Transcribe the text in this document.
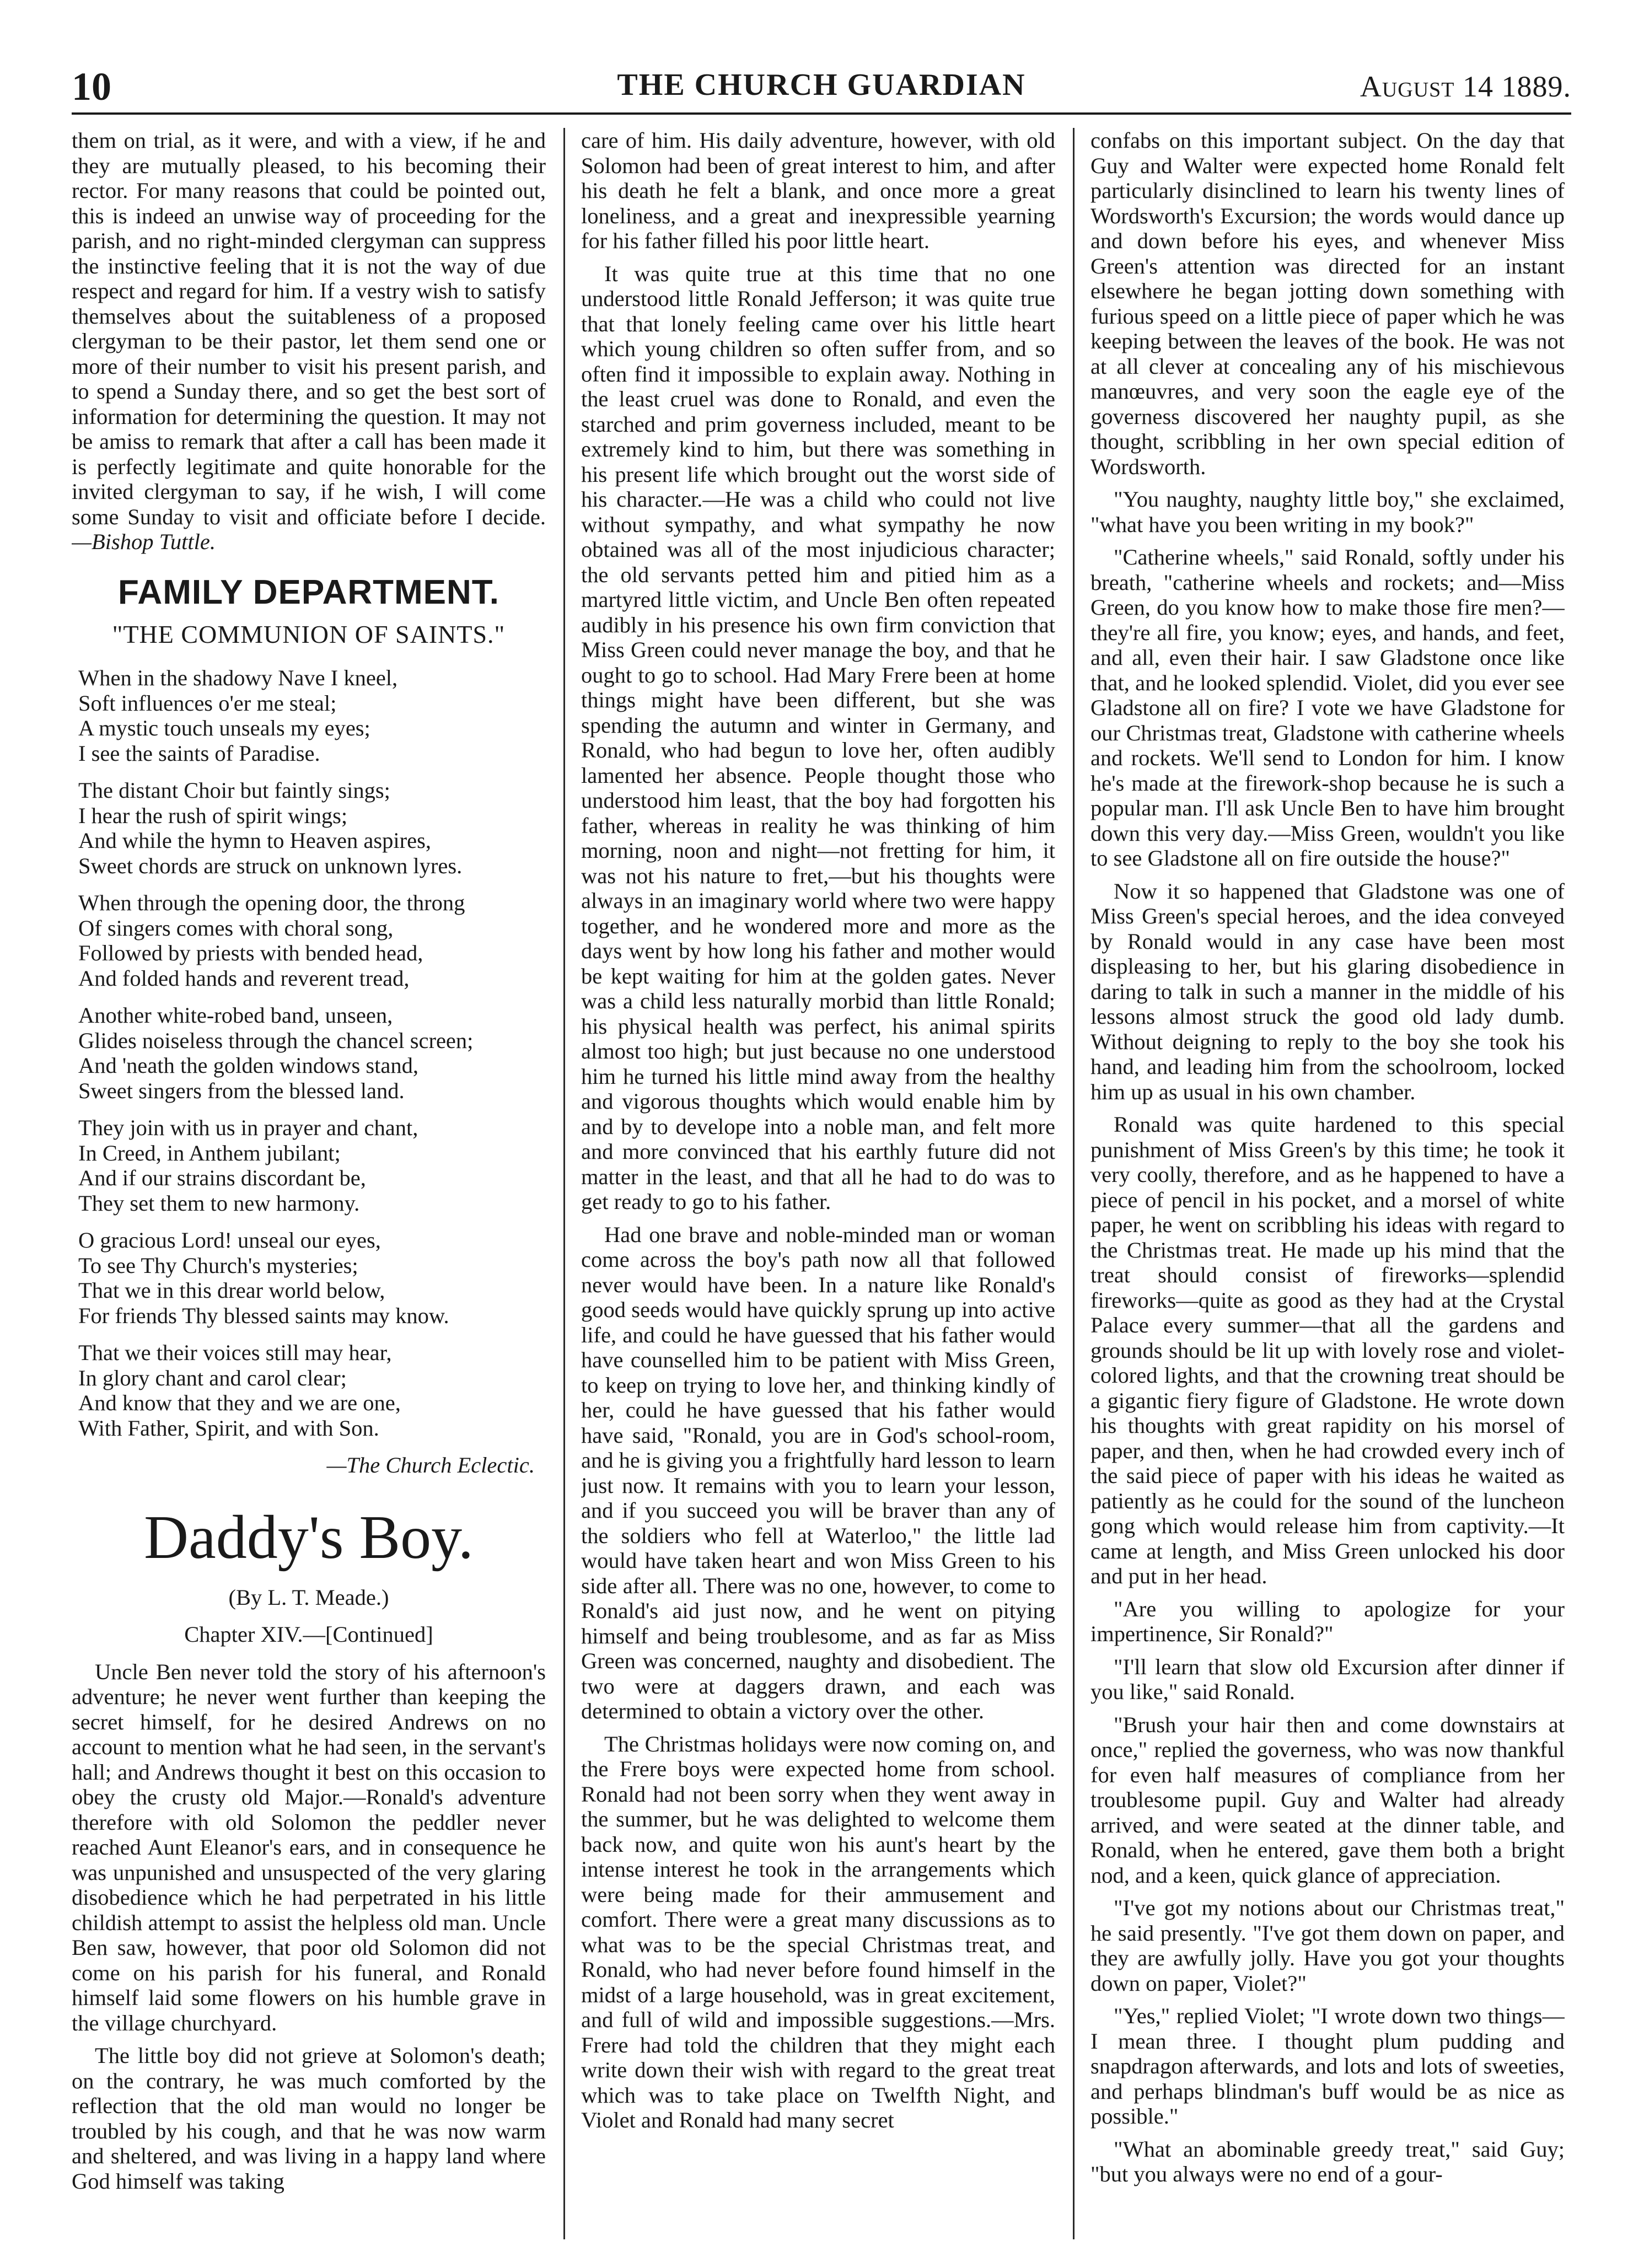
10	THE CHURCH GUARDIAN	August 14 1889.

them on trial, as it were, and with a view, if he and they are mutually pleased, to his becoming their rector. For many reasons that could be pointed out, this is indeed an unwise way of proceeding for the parish, and no right-minded clergyman can suppress the instinctive feeling that it is not the way of due respect and regard for him. If a vestry wish to satisfy themselves about the suitableness of a proposed clergyman to be their pastor, let them send one or more of their number to visit his present parish, and to spend a Sunday there, and so get the best sort of information for determining the question. It may not be amiss to remark that after a call has been made it is perfectly legitimate and quite honorable for the invited clergyman to say, if he wish, I will come some Sunday to visit and officiate before I decide. —Bishop Tuttle.

FAMILY DEPARTMENT.
"THE COMMUNION OF SAINTS."
When in the shadowy Nave I kneel,
Soft influences o'er me steal;
A mystic touch unseals my eyes;
I see the saints of Paradise.
The distant Choir but faintly sings;
I hear the rush of spirit wings;
And while the hymn to Heaven aspires,
Sweet chords are struck on unknown lyres.
When through the opening door, the throng
Of singers comes with choral song,
Followed by priests with bended head,
And folded hands and reverent tread,
Another white-robed band, unseen,
Glides noiseless through the chancel screen;
And 'neath the golden windows stand,
Sweet singers from the blessed land.
They join with us in prayer and chant,
In Creed, in Anthem jubilant;
And if our strains discordant be,
They set them to new harmony.
O gracious Lord! unseal our eyes,
To see Thy Church's mysteries;
That we in this drear world below,
For friends Thy blessed saints may know.
That we their voices still may hear,
In glory chant and carol clear;
And know that they and we are one,
With Father, Spirit, and with Son.
—The Church Eclectic.
Daddy's Boy.
(By L. T. Meade.)
Chapter XIV.—[Continued]

Uncle Ben never told the story of his afternoon's adventure; he never went further than keeping the secret himself, for he desired Andrews on no account to mention what he had seen, in the servant's hall; and Andrews thought it best on this occasion to obey the crusty old Major.—Ronald's adventure therefore with old Solomon the peddler never reached Aunt Eleanor's ears, and in consequence he was unpunished and unsuspected of the very glaring disobedience which he had perpetrated in his little childish attempt to assist the helpless old man. Uncle Ben saw, however, that poor old Solomon did not come on his parish for his funeral, and Ronald himself laid some flowers on his humble grave in the village churchyard.

The little boy did not grieve at Solomon's death; on the contrary, he was much comforted by the reflection that the old man would no longer be troubled by his cough, and that he was now warm and sheltered, and was living in a happy land where God himself was taking

care of him. His daily adventure, however, with old Solomon had been of great interest to him, and after his death he felt a blank, and once more a great loneliness, and a great and inexpressible yearning for his father filled his poor little heart.

It was quite true at this time that no one understood little Ronald Jefferson; it was quite true that that lonely feeling came over his little heart which young children so often suffer from, and so often find it impossible to explain away. Nothing in the least cruel was done to Ronald, and even the starched and prim governess included, meant to be extremely kind to him, but there was something in his present life which brought out the worst side of his character.—He was a child who could not live without sympathy, and what sympathy he now obtained was all of the most injudicious character; the old servants petted him and pitied him as a martyred little victim, and Uncle Ben often repeated audibly in his presence his own firm conviction that Miss Green could never manage the boy, and that he ought to go to school. Had Mary Frere been at home things might have been different, but she was spending the autumn and winter in Germany, and Ronald, who had begun to love her, often audibly lamented her absence. People thought those who understood him least, that the boy had forgotten his father, whereas in reality he was thinking of him morning, noon and night—not fretting for him, it was not his nature to fret,—but his thoughts were always in an imaginary world where two were happy together, and he wondered more and more as the days went by how long his father and mother would be kept waiting for him at the golden gates. Never was a child less naturally morbid than little Ronald; his physical health was perfect, his animal spirits almost too high; but just because no one understood him he turned his little mind away from the healthy and vigorous thoughts which would enable him by and by to develope into a noble man, and felt more and more convinced that his earthly future did not matter in the least, and that all he had to do was to get ready to go to his father.

Had one brave and noble-minded man or woman come across the boy's path now all that followed never would have been. In a nature like Ronald's good seeds would have quickly sprung up into active life, and could he have guessed that his father would have counselled him to be patient with Miss Green, to keep on trying to love her, and thinking kindly of her, could he have guessed that his father would have said, "Ronald, you are in God's school-room, and he is giving you a frightfully hard lesson to learn just now. It remains with you to learn your lesson, and if you succeed you will be braver than any of the soldiers who fell at Waterloo," the little lad would have taken heart and won Miss Green to his side after all. There was no one, however, to come to Ronald's aid just now, and he went on pitying himself and being troublesome, and as far as Miss Green was concerned, naughty and disobedient. The two were at daggers drawn, and each was determined to obtain a victory over the other.

The Christmas holidays were now coming on, and the Frere boys were expected home from school. Ronald had not been sorry when they went away in the summer, but he was delighted to welcome them back now, and quite won his aunt's heart by the intense interest he took in the arrangements which were being made for their ammusement and comfort. There were a great many discussions as to what was to be the special Christmas treat, and Ronald, who had never before found himself in the midst of a large household, was in great excitement, and full of wild and impossible suggestions.—Mrs. Frere had told the children that they might each write down their wish with regard to the great treat which was to take place on Twelfth Night, and Violet and Ronald had many secret

confabs on this important subject. On the day that Guy and Walter were expected home Ronald felt particularly disinclined to learn his twenty lines of Wordsworth's Excursion; the words would dance up and down before his eyes, and whenever Miss Green's attention was directed for an instant elsewhere he began jotting down something with furious speed on a little piece of paper which he was keeping between the leaves of the book. He was not at all clever at concealing any of his mischievous manœuvres, and very soon the eagle eye of the governess discovered her naughty pupil, as she thought, scribbling in her own special edition of Wordsworth.

"You naughty, naughty little boy," she exclaimed, "what have you been writing in my book?"

"Catherine wheels," said Ronald, softly under his breath, "catherine wheels and rockets; and—Miss Green, do you know how to make those fire men?—they're all fire, you know; eyes, and hands, and feet, and all, even their hair. I saw Gladstone once like that, and he looked splendid. Violet, did you ever see Gladstone all on fire? I vote we have Gladstone for our Christmas treat, Gladstone with catherine wheels and rockets. We'll send to London for him. I know he's made at the firework-shop because he is such a popular man. I'll ask Uncle Ben to have him brought down this very day.—Miss Green, wouldn't you like to see Gladstone all on fire outside the house?"

Now it so happened that Gladstone was one of Miss Green's special heroes, and the idea conveyed by Ronald would in any case have been most displeasing to her, but his glaring disobedience in daring to talk in such a manner in the middle of his lessons almost struck the good old lady dumb. Without deigning to reply to the boy she took his hand, and leading him from the schoolroom, locked him up as usual in his own chamber.

Ronald was quite hardened to this special punishment of Miss Green's by this time; he took it very coolly, therefore, and as he happened to have a piece of pencil in his pocket, and a morsel of white paper, he went on scribbling his ideas with regard to the Christmas treat. He made up his mind that the treat should consist of fireworks—splendid fireworks—quite as good as they had at the Crystal Palace every summer—that all the gardens and grounds should be lit up with lovely rose and violet-colored lights, and that the crowning treat should be a gigantic fiery figure of Gladstone. He wrote down his thoughts with great rapidity on his morsel of paper, and then, when he had crowded every inch of the said piece of paper with his ideas he waited as patiently as he could for the sound of the luncheon gong which would release him from captivity.—It came at length, and Miss Green unlocked his door and put in her head.

"Are you willing to apologize for your impertinence, Sir Ronald?"

"I'll learn that slow old Excursion after dinner if you like," said Ronald.

"Brush your hair then and come downstairs at once," replied the governess, who was now thankful for even half measures of compliance from her troublesome pupil. Guy and Walter had already arrived, and were seated at the dinner table, and Ronald, when he entered, gave them both a bright nod, and a keen, quick glance of appreciation.

"I've got my notions about our Christmas treat," he said presently. "I've got them down on paper, and they are awfully jolly. Have you got your thoughts down on paper, Violet?"

"Yes," replied Violet; "I wrote down two things—I mean three. I thought plum pudding and snapdragon afterwards, and lots and lots of sweeties, and perhaps blindman's buff would be as nice as possible."

"What an abominable greedy treat," said Guy; "but you always were no end of a gour-
